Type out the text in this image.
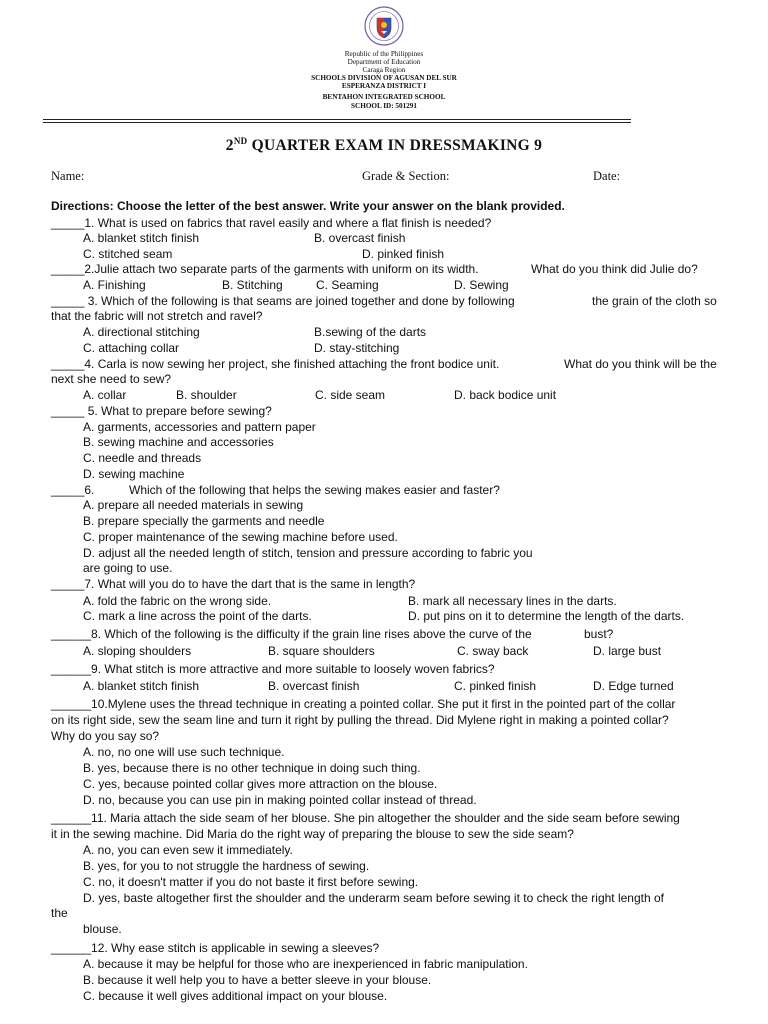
Republic of the Philippines
Department of Education
Caraga Region
SCHOOLS DIVISION OF AGUSAN DEL SUR
ESPERANZA DISTRICT I
BENTAHON INTEGRATED SCHOOL
SCHOOL ID: 501291
2ND QUARTER EXAM IN DRESSMAKING 9
Name:	Grade & Section:	Date:
Directions: Choose the letter of the best answer. Write your answer on the blank provided.
_____1. What is used on fabrics that ravel easily and where a flat finish is needed?
A. blanket stitch finish	B. overcast finish
C. stitched seam	D. pinked finish
_____2.Julie attach two separate parts of the garments with uniform on its width.	What do you think did Julie do?
A. Finishing	B. Stitching	C. Seaming	D. Sewing
_____ 3. Which of the following is that seams are joined together and done by following	the grain of the cloth so
that the fabric will not stretch and ravel?
A. directional stitching	B.sewing of the darts
C. attaching collar	D. stay-stitching
_____4. Carla is now sewing her project, she finished attaching the front bodice unit.	What do you think will be the
next she need to sew?
A. collar	B. shoulder	C. side seam	D. back bodice unit
_____ 5. What to prepare before sewing?
A. garments, accessories and pattern paper
B. sewing machine and accessories
C. needle and threads
D. sewing machine
_____6.	Which of the following that helps the sewing makes easier and faster?
A. prepare all needed materials in sewing
B. prepare specially the garments and needle
C. proper maintenance of the sewing machine before used.
D. adjust all the needed length of stitch, tension and pressure according to fabric you
are going to use.
_____7. What will you do to have the dart that is the same in length?
A. fold the fabric on the wrong side.	B. mark all necessary lines in the darts.
C. mark a line across the point of the darts.	D. put pins on it to determine the length of the darts.
______8. Which of the following is the difficulty if the grain line rises above the curve of the	bust?
A. sloping shoulders	B. square shoulders	C. sway back	D. large bust
______9. What stitch is more attractive and more suitable to loosely woven fabrics?
A. blanket stitch finish	B. overcast finish	C. pinked finish	D. Edge turned
______10.Mylene uses the thread technique in creating a pointed collar. She put it first in the pointed part of the collar
on its right side, sew the seam line and turn it right by pulling the thread. Did Mylene right in making a pointed collar?
Why do you say so?
A. no, no one will use such technique.
B. yes, because there is no other technique in doing such thing.
C. yes, because pointed collar gives more attraction on the blouse.
D. no, because you can use pin in making pointed collar instead of thread.
______11. Maria attach the side seam of her blouse. She pin altogether the shoulder and the side seam before sewing
it in the sewing machine. Did Maria do the right way of preparing the blouse to sew the side seam?
A. no, you can even sew it immediately.
B. yes, for you to not struggle the hardness of sewing.
C. no, it doesn't matter if you do not baste it first before sewing.
D. yes, baste altogether first the shoulder and the underarm seam before sewing it to check the right length of
the
blouse.
______12. Why ease stitch is applicable in sewing a sleeves?
A. because it may be helpful for those who are inexperienced in fabric manipulation.
B. because it well help you to have a better sleeve in your blouse.
C. because it well gives additional impact on your blouse.
